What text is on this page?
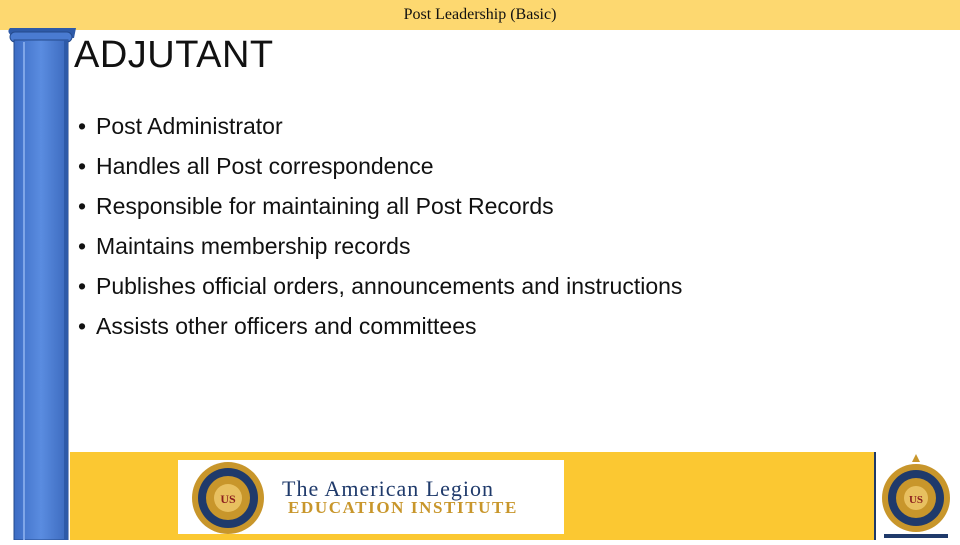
Post Leadership (Basic)
ADJUTANT
• Post Administrator
• Handles all Post correspondence
• Responsible for maintaining all Post Records
• Maintains membership records
• Publishes official orders, announcements and instructions
• Assists other officers and committees
US The American Legion
EDUCATION INSTITUTE	US
